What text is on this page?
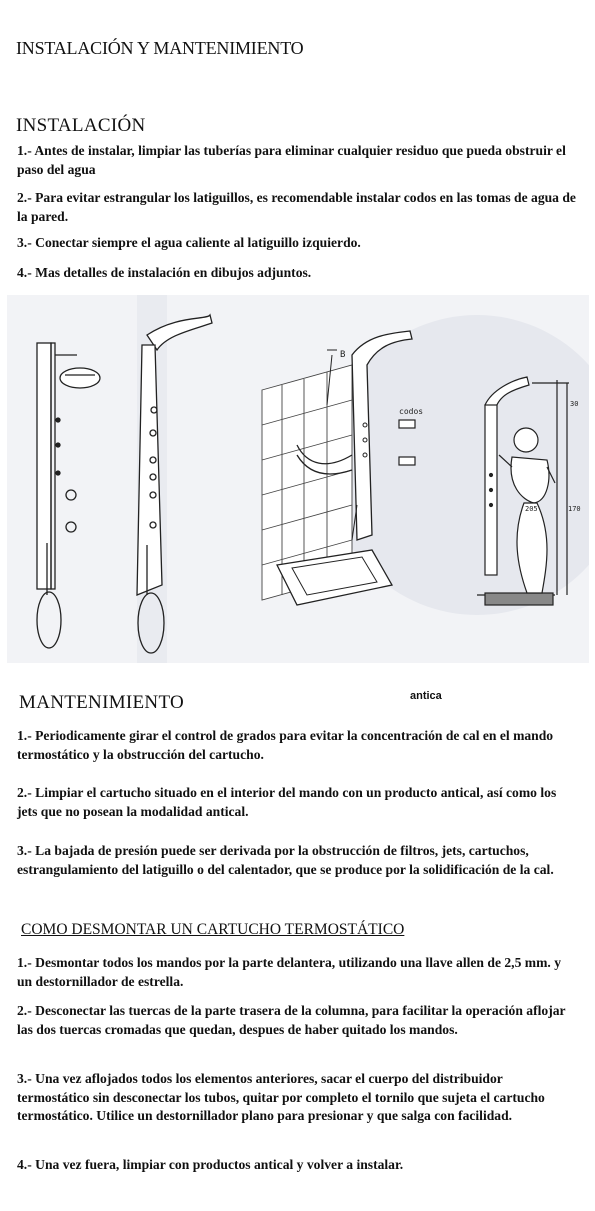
INSTALACIÓN Y MANTENIMIENTO
INSTALACIÓN

1.- Antes de instalar, limpiar las tuberías para eliminar cualquier residuo que pueda obstruir el paso del agua

2.- Para evitar estrangular los latiguillos, es recomendable instalar codos en las tomas de agua de la pared.

3.- Conectar siempre el agua caliente al latiguillo izquierdo.

4.- Mas detalles de instalación en dibujos adjuntos.

B
codos
30
205	170
MANTENIMIENTO	antica

1.- Periodicamente girar el control de grados para evitar la concentración de cal en el mando termostático y la obstrucción del cartucho.

2.- Limpiar el cartucho situado en el interior del mando con un producto antical, así como los jets que no posean la modalidad antical.

3.- La bajada de presión puede ser derivada por la obstrucción de filtros, jets, cartuchos, estrangulamiento del latiguillo o del calentador, que se produce por la solidificación de la cal.

COMO DESMONTAR UN CARTUCHO TERMOSTÁTICO

1.- Desmontar todos los mandos por la parte delantera, utilizando una llave allen de 2,5 mm. y un destornillador de estrella.

2.- Desconectar las tuercas de la parte trasera de la columna, para facilitar la operación aflojar las dos tuercas cromadas que quedan, despues de haber quitado los mandos.

3.- Una vez aflojados todos los elementos anteriores, sacar el cuerpo del distribuidor termostático sin desconectar los tubos, quitar por completo el tornilo que sujeta el cartucho termostático. Utilice un destornillador plano para presionar y que salga con facilidad.

4.- Una vez fuera, limpiar con productos antical y volver a instalar.
